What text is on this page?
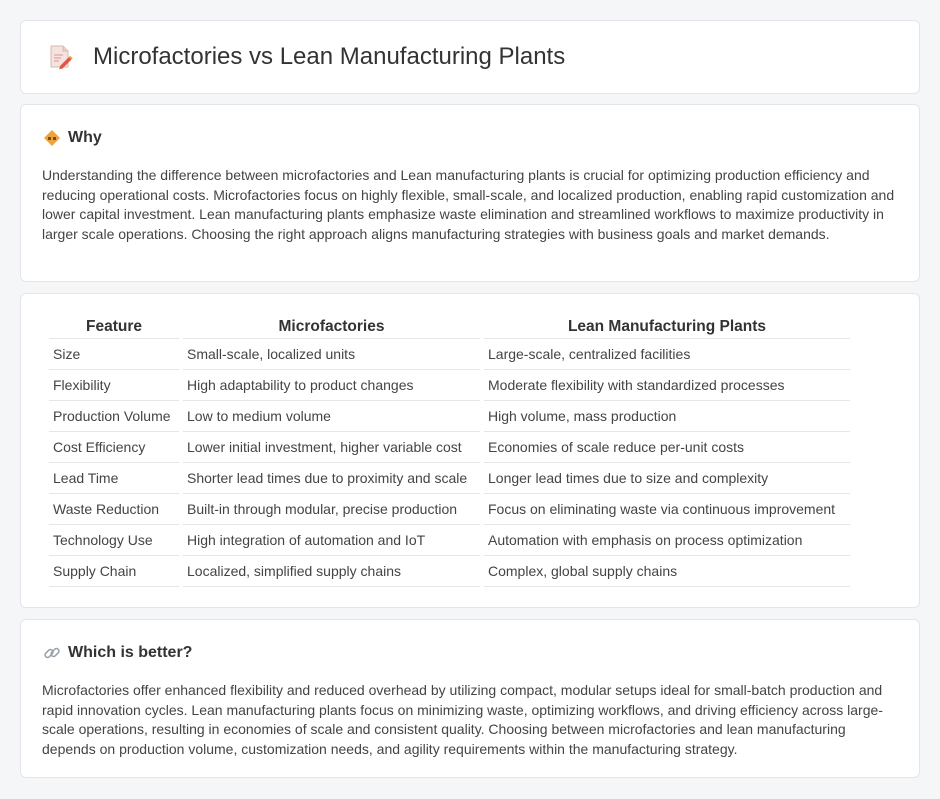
Microfactories vs Lean Manufacturing Plants
Why

Understanding the difference between microfactories and Lean manufacturing plants is crucial for optimizing production efficiency and reducing operational costs. Microfactories focus on highly flexible, small-scale, and localized production, enabling rapid customization and lower capital investment. Lean manufacturing plants emphasize waste elimination and streamlined workflows to maximize productivity in larger scale operations. Choosing the right approach aligns manufacturing strategies with business goals and market demands.

Feature	Microfactories	Lean Manufacturing Plants
Size	Small-scale, localized units	Large-scale, centralized facilities
Flexibility	High adaptability to product changes	Moderate flexibility with standardized processes
Production Volume	Low to medium volume	High volume, mass production
Cost Efficiency	Lower initial investment, higher variable cost	Economies of scale reduce per-unit costs
Lead Time	Shorter lead times due to proximity and scale	Longer lead times due to size and complexity
Waste Reduction	Built-in through modular, precise production	Focus on eliminating waste via continuous improvement
Technology Use	High integration of automation and IoT	Automation with emphasis on process optimization
Supply Chain	Localized, simplified supply chains	Complex, global supply chains
Which is better?

Microfactories offer enhanced flexibility and reduced overhead by utilizing compact, modular setups ideal for small-batch production and rapid innovation cycles. Lean manufacturing plants focus on minimizing waste, optimizing workflows, and driving efficiency across large-scale operations, resulting in economies of scale and consistent quality. Choosing between microfactories and lean manufacturing depends on production volume, customization needs, and agility requirements within the manufacturing strategy.
